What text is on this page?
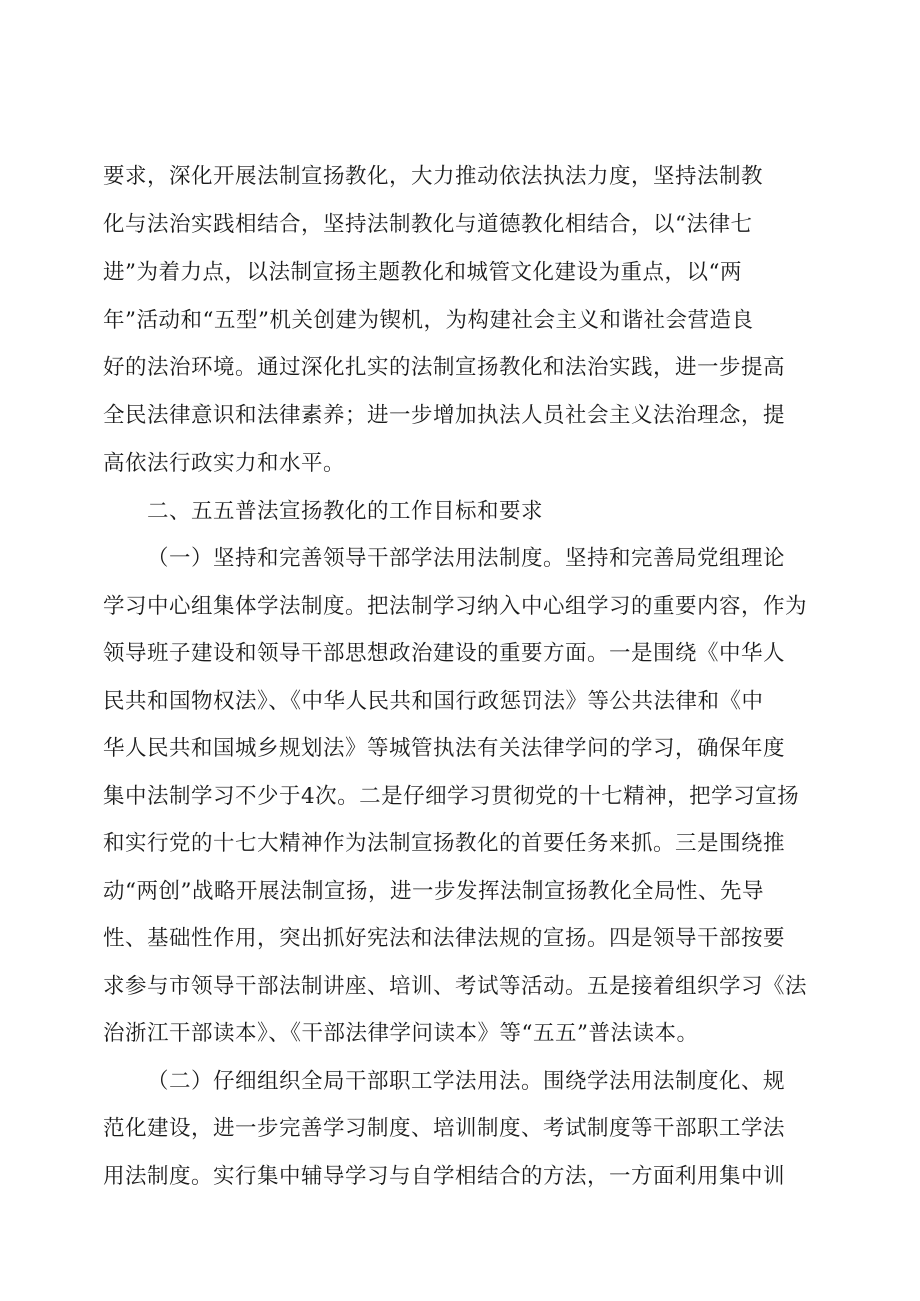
要求，深化开展法制宣扬教化，大力推动依法执法力度，坚持法制教
化与法治实践相结合，坚持法制教化与道德教化相结合，以“法律七
进”为着力点，以法制宣扬主题教化和城管文化建设为重点，以“两
年”活动和“五型”机关创建为锲机，为构建社会主义和谐社会营造良
好的法治环境。通过深化扎实的法制宣扬教化和法治实践，进一步提高
全民法律意识和法律素养；进一步增加执法人员社会主义法治理念，提
高依法行政实力和水平。
二、五五普法宣扬教化的工作目标和要求
（一）坚持和完善领导干部学法用法制度。坚持和完善局党组理论
学习中心组集体学法制度。把法制学习纳入中心组学习的重要内容，作为
领导班子建设和领导干部思想政治建设的重要方面。一是围绕《中华人
民共和国物权法》、《中华人民共和国行政惩罚法》等公共法律和《中
华人民共和国城乡规划法》等城管执法有关法律学问的学习，确保年度
集中法制学习不少于4次。二是仔细学习贯彻党的十七精神，把学习宣扬
和实行党的十七大精神作为法制宣扬教化的首要任务来抓。三是围绕推
动“两创”战略开展法制宣扬，进一步发挥法制宣扬教化全局性、先导
性、基础性作用，突出抓好宪法和法律法规的宣扬。四是领导干部按要
求参与市领导干部法制讲座、培训、考试等活动。五是接着组织学习《法
治浙江干部读本》、《干部法律学问读本》等“五五”普法读本。
（二）仔细组织全局干部职工学法用法。围绕学法用法制度化、规
范化建设，进一步完善学习制度、培训制度、考试制度等干部职工学法
用法制度。实行集中辅导学习与自学相结合的方法，一方面利用集中训
